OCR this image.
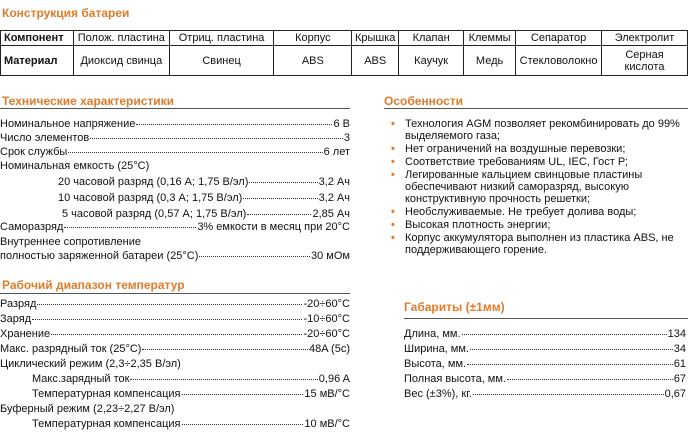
Конструкция батареи
Компонент	Полож. пластина	Отриц. пластина	Корпус	Крышка	Клапан	Клеммы	Сепаратор	Электролит
Материал	Диоксид свинца	Свинец	ABS	ABS	Каучук	Медь	Стекловолокно	Серная кислота
Технические характеристики
Номинальное напряжение	6 В
Число элементов	3
Срок службы	6 лет
Номинальная емкость (25°C)
20 часовой разряд (0,16 A; 1,75 В/эл)	3,2 Ач
10 часовой разряд (0,3 A; 1,75 В/эл)	3,2 Ач
5 часовой разряд (0,57 A; 1,75 В/эл)	2,85 Ач
Саморазряд	3% емкости в месяц при 20°C
Внутреннее сопротивление
полностью заряженной батареи (25°C)	30 мОм
Рабочий диапазон температур
Разряд	-20÷60°C
Заряд	-10÷60°C
Хранение	-20÷60°C
Макс. разрядный ток (25°C)	48A (5c)
Циклический режим (2,3÷2,35 В/эл)
Макс.зарядный ток	0,96 A
Температурная компенсация	15 мВ/°C
Буферный режим (2,23÷2,27 В/эл)
Температурная компенсация	10 мВ/°C
Особенности
• Технология AGM позволяет рекомбинировать до 99% выделяемого газа;
• Нет ограничений на воздушные перевозки;
• Соответствие требованиям UL, IEC, Гост Р;
• Легированные кальцием свинцовые пластины обеспечивают низкий саморазряд, высокую конструктивную прочность решетки;
• Необслуживаемые. Не требует долива воды;
• Высокая плотность энергии;
• Корпус аккумулятора выполнен из пластика ABS, не поддерживающего горение.
Габариты (±1мм)
Длина, мм.	134
Ширина, мм.	34
Высота, мм.	61
Полная высота, мм.	67
Вес (±3%), кг.	0,67
